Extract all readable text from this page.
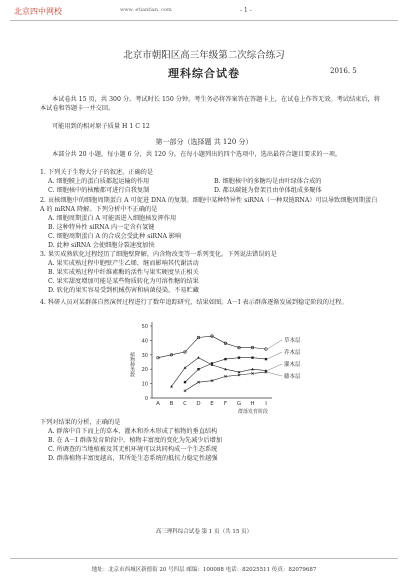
北京四中网校	www. etiantian. com	- 1 -
北京市朝阳区高三年级第二次综合练习
理科综合试卷	2016. 5
本试卷共 15 页，共 300 分。考试时长 150 分钟。考生务必将答案答在答题卡上，在试卷上作答无效。考试结束后，将本试卷和答题卡一并交回。
可能用到的相对原子质量 H 1 C 12
第一部分（选择题 共 120 分）
本部分共 20 小题，每小题 6 分，共 120 分。在每小题列出的四个选项中，选出最符合题目要求的一项。
1. 下列关于生物大分子的叙述，正确的是
A. 细胞膜上的蛋白质都起运输的作用	B. 细胞核中的多糖均是由叶绿体合成的
C. 细胞核中的核酸都可进行自我复制	D. 都以碳链为骨架且由单体组成多聚体
2. 哀核细胞中的细胞周期蛋白 A 可促进 DNA 的复制。细胞中某种特异性 siRNA（一种双链RNA）可以导致细胞周期蛋白 A 的 mRNA 降解。下列分析中不正确的是
A. 细胞周期蛋白 A 可能需进入细胞核发挥作用
B. 这种特异性 siRNA 内一定含有氢键
C. 细胞周期蛋白 A 的合成会受此种 siRNA 影响
D. 此种 siRNA 会使细胞分裂速度加快
3. 果实成熟软化过程经历了细胞壁降解，内含物改变等一系列变化。下列说法错误的是
A. 果实成熟过程中胞壁产生乙烯，继而影响其代谢活动
B. 果实成熟过程中纤维素酶的活性与果实硬度呈正相关
C. 果实甜度增加可能是某些物质转化为可溶性糖的结果
D. 软化的果实容易受到机械伤害和病菌侵染，不易贮藏
4. 科研人员对某群落自然演替过程进行了数年追踪研究，结果如图。A－I 表示群落逐渐发展到稳定阶段的过程。
0
10
20
30
40
50
A B C D E F G H I
植物种类数
群落发育阶段
草本层
乔木层
灌木层
藤本层
下列对结果的分析，正确的是
A. 群落中自下而上的草本、灌木和乔木形成了植物的垂直结构
B. 在 A－I 群落发育阶段中，植物丰富度的变化为先减少后增加
C. 所调查的当地植被及其无机环境可以共同构成一个生态系统
D. 群落植物丰富度越高，其所处生态系统的抵抗力稳定性越强
高三理科综合试卷 第 1 页（共 15 页）
地址：北京市西城区新德街 20 号四层 邮编：100088 电话：82025511 传真：82079687
